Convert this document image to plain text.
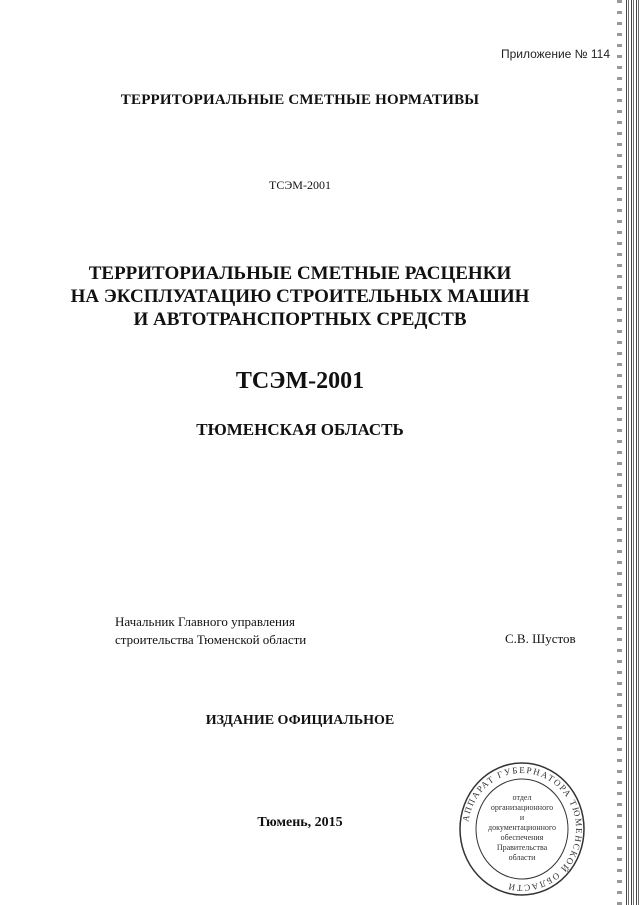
Приложение № 114
ТЕРРИТОРИАЛЬНЫЕ СМЕТНЫЕ НОРМАТИВЫ
ТСЭМ-2001
ТЕРРИТОРИАЛЬНЫЕ СМЕТНЫЕ РАСЦЕНКИ
НА ЭКСПЛУАТАЦИЮ СТРОИТЕЛЬНЫХ МАШИН
И АВТОТРАНСПОРТНЫХ СРЕДСТВ
ТСЭМ-2001
ТЮМЕНСКАЯ ОБЛАСТЬ
Начальник Главного управления
строительства Тюменской области	С.В. Шустов
ИЗДАНИЕ ОФИЦИАЛЬНОЕ
Тюмень, 2015	АППАРАТ ГУБЕРНАТОРА ТЮМЕНСКОЙ ОБЛАСТИ
отдел
организационного
и
документационного
обеспечения
Правительства
области
